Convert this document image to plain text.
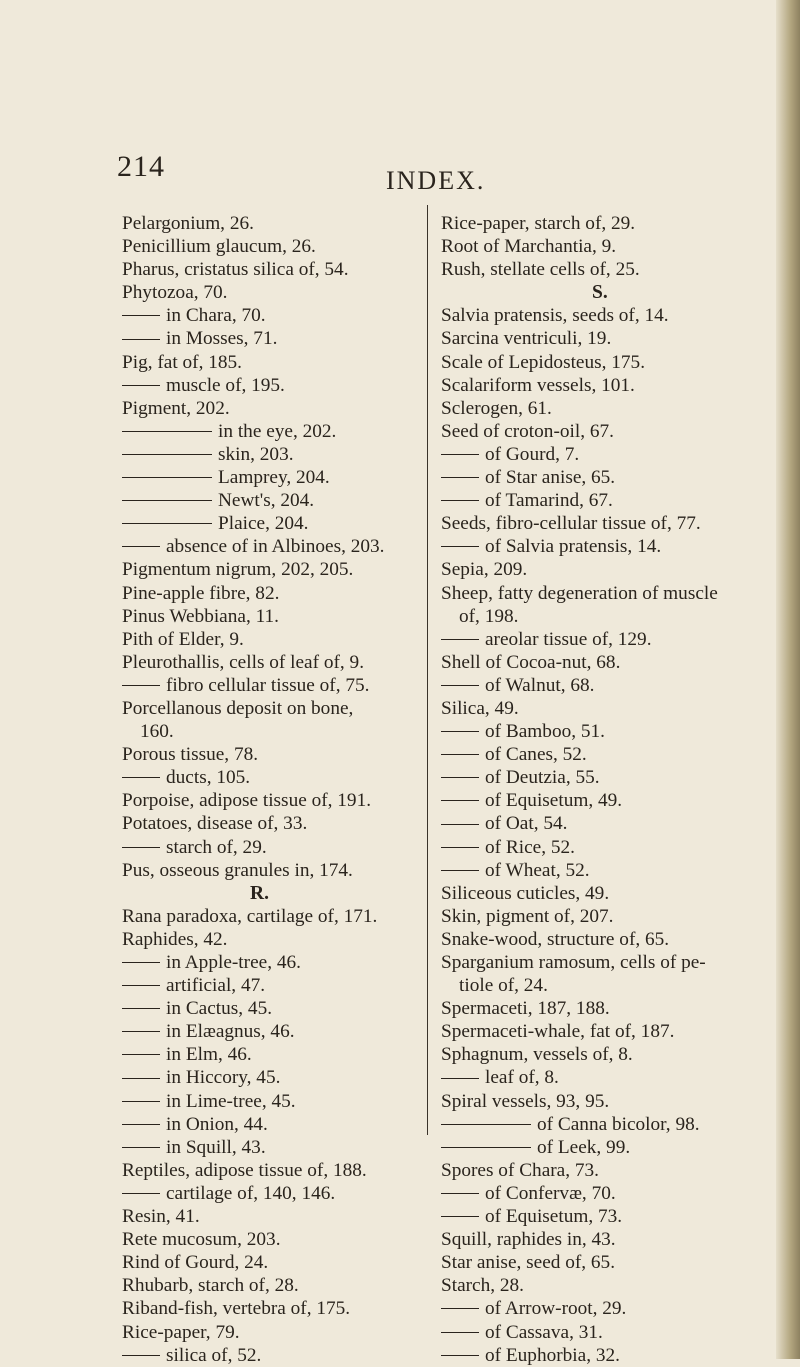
214	INDEX.
Pelargonium, 26.
Penicillium glaucum, 26.
Pharus, cristatus silica of, 54.
Phytozoa, 70.
in Chara, 70.
in Mosses, 71.
Pig, fat of, 185.
muscle of, 195.
Pigment, 202.
in the eye, 202.
skin, 203.
Lamprey, 204.
Newt's, 204.
Plaice, 204.
absence of in Albinoes, 203.
Pigmentum nigrum, 202, 205.
Pine-apple fibre, 82.
Pinus Webbiana, 11.
Pith of Elder, 9.
Pleurothallis, cells of leaf of, 9.
fibro cellular tissue of, 75.
Porcellanous deposit on bone,
160.
Porous tissue, 78.
ducts, 105.
Porpoise, adipose tissue of, 191.
Potatoes, disease of, 33.
starch of, 29.
Pus, osseous granules in, 174.
R.
Rana paradoxa, cartilage of, 171.
Raphides, 42.
in Apple-tree, 46.
artificial, 47.
in Cactus, 45.
in Elæagnus, 46.
in Elm, 46.
in Hiccory, 45.
in Lime-tree, 45.
in Onion, 44.
in Squill, 43.
Reptiles, adipose tissue of, 188.
cartilage of, 140, 146.
Resin, 41.
Rete mucosum, 203.
Rind of Gourd, 24.
Rhubarb, starch of, 28.
Riband-fish, vertebra of, 175.
Rice-paper, 79.
silica of, 52.
Rice-paper, starch of, 29.
Root of Marchantia, 9.
Rush, stellate cells of, 25.
S.
Salvia pratensis, seeds of, 14.
Sarcina ventriculi, 19.
Scale of Lepidosteus, 175.
Scalariform vessels, 101.
Sclerogen, 61.
Seed of croton-oil, 67.
of Gourd, 7.
of Star anise, 65.
of Tamarind, 67.
Seeds, fibro-cellular tissue of, 77.
of Salvia pratensis, 14.
Sepia, 209.
Sheep, fatty degeneration of muscle
of, 198.
areolar tissue of, 129.
Shell of Cocoa-nut, 68.
of Walnut, 68.
Silica, 49.
of Bamboo, 51.
of Canes, 52.
of Deutzia, 55.
of Equisetum, 49.
of Oat, 54.
of Rice, 52.
of Wheat, 52.
Siliceous cuticles, 49.
Skin, pigment of, 207.
Snake-wood, structure of, 65.
Sparganium ramosum, cells of pe-
tiole of, 24.
Spermaceti, 187, 188.
Spermaceti-whale, fat of, 187.
Sphagnum, vessels of, 8.
leaf of, 8.
Spiral vessels, 93, 95.
of Canna bicolor, 98.
of Leek, 99.
Spores of Chara, 73.
of Confervæ, 70.
of Equisetum, 73.
Squill, raphides in, 43.
Star anise, seed of, 65.
Starch, 28.
of Arrow-root, 29.
of Cassava, 31.
of Euphorbia, 32.
